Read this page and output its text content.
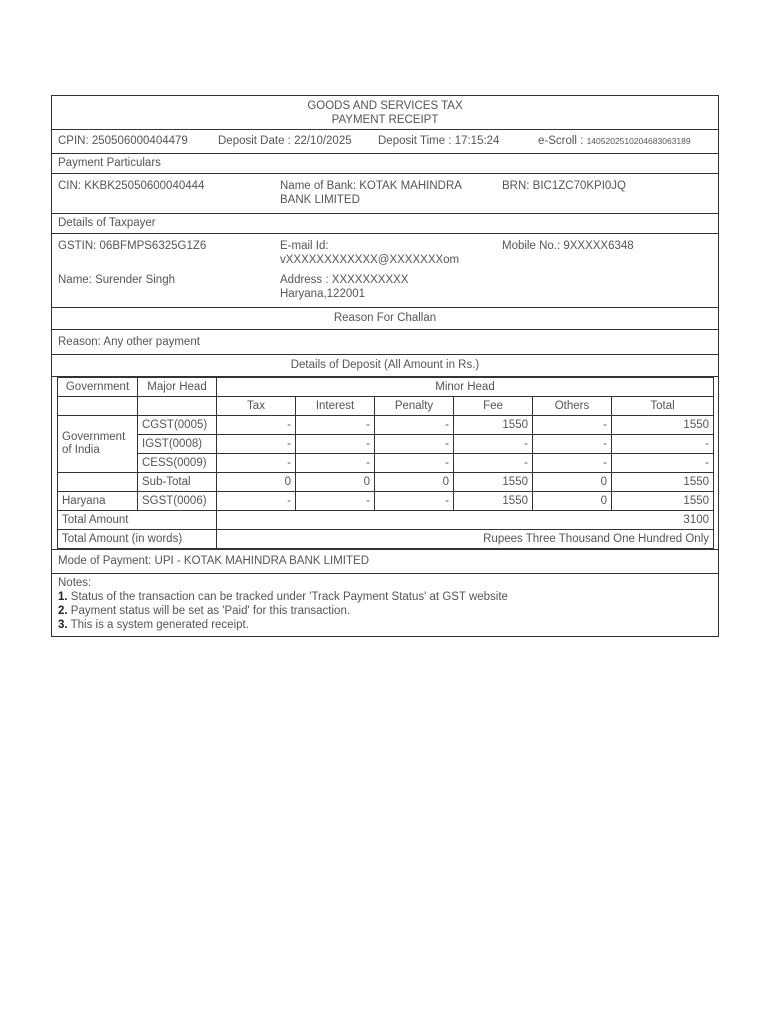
GOODS AND SERVICES TAX
PAYMENT RECEIPT
CPIN: 250506000404479	Deposit Date : 22/10/2025 Deposit Time : 17:15:24	e-Scroll : 1405202510204683063189
Payment Particulars
CIN: KKBK25050600040444	Name of Bank: KOTAK MAHINDRA
BANK LIMITED
BRN: BIC1ZC70KPI0JQ
Details of Taxpayer
GSTIN: 06BFMPS6325G1Z6	E-mail Id:
vXXXXXXXXXXXX@XXXXXXXom
Mobile No.: 9XXXXX6348
Name: Surender Singh	Address : XXXXXXXXXX
Haryana,122001
Reason For Challan
Reason: Any other payment
Details of Deposit (All Amount in Rs.)
Government	Major Head	Minor Head					
		Tax	Interest	Penalty	Fee	Others	Total

Government
of India	CGST(0005)	-	-	-	1550	-	1550
	IGST(0008)	-	-	-	-	-	-
	CESS(0009)	-	-	-	-	-	-
	Sub-Total	0	0	0	1550	0	1550
Haryana	SGST(0006)	-	-	-	1550	0	1550
Total Amount		3100					
Total Amount (in words)		Rupees Three Thousand One Hundred Only					
Mode of Payment: UPI - KOTAK MAHINDRA BANK LIMITED
Notes:
1. Status of the transaction can be tracked under 'Track Payment Status' at GST website
2. Payment status will be set as 'Paid' for this transaction.
3. This is a system generated receipt.
